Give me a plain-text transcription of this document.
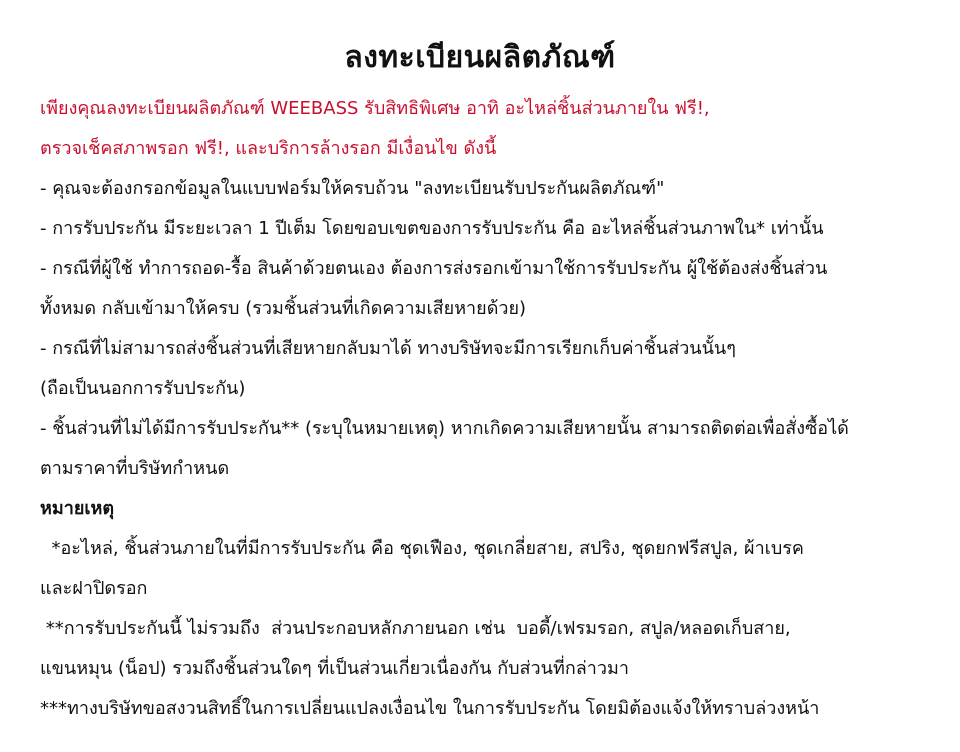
ลงทะเบียนผลิตภัณฑ์
เพียงคุณลงทะเบียนผลิตภัณฑ์ WEEBASS รับสิทธิพิเศษ อาทิ อะไหล่ชิ้นส่วนภายใน ฟรี!,
ตรวจเช็คสภาพรอก ฟรี!, และบริการล้างรอก มีเงื่อนไข ดังนี้
- คุณจะต้องกรอกข้อมูลในแบบฟอร์มให้ครบถ้วน "ลงทะเบียนรับประกันผลิตภัณฑ์"
- การรับประกัน มีระยะเวลา 1 ปีเต็ม โดยขอบเขตของการรับประกัน คือ อะไหล่ชิ้นส่วนภาพใน* เท่านั้น
- กรณีที่ผู้ใช้ ทำการถอด-รื้อ สินค้าด้วยตนเอง ต้องการส่งรอกเข้ามาใช้การรับประกัน ผู้ใช้ต้องส่งชิ้นส่วน
ทั้งหมด กลับเข้ามาให้ครบ (รวมชิ้นส่วนที่เกิดความเสียหายด้วย)
- กรณีที่ไม่สามารถส่งชิ้นส่วนที่เสียหายกลับมาได้ ทางบริษัทจะมีการเรียกเก็บค่าชิ้นส่วนนั้นๆ
(ถือเป็นนอกการรับประกัน)
- ชิ้นส่วนที่ไม่ได้มีการรับประกัน** (ระบุในหมายเหตุ) หากเกิดความเสียหายนั้น สามารถติดต่อเพื่อสั่งซื้อได้
ตามราคาที่บริษัทกำหนด
หมายเหตุ
*อะไหล่, ชิ้นส่วนภายในที่มีการรับประกัน คือ ชุดเฟือง, ชุดเกลี่ยสาย, สปริง, ชุดยกฟรีสปูล, ผ้าเบรค
และฝาปิดรอก
**การรับประกันนี้ ไม่รวมถึง  ส่วนประกอบหลักภายนอก เช่น  บอดี้/เฟรมรอก, สปูล/หลอดเก็บสาย,
แขนหมุน (น็อป) รวมถึงชิ้นส่วนใดๆ ที่เป็นส่วนเกี่ยวเนื่องกัน กับส่วนที่กล่าวมา
***ทางบริษัทขอสงวนสิทธิ์ในการเปลี่ยนแปลงเงื่อนไข ในการรับประกัน โดยมิต้องแจ้งให้ทราบล่วงหน้า
